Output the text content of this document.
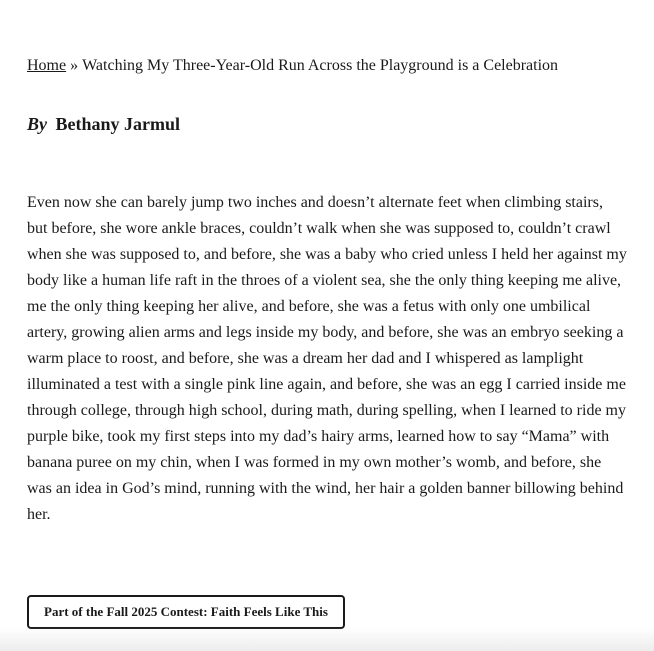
Home » Watching My Three-Year-Old Run Across the Playground is a Celebration
By Bethany Jarmul

Even now she can barely jump two inches and doesn’t alternate feet when climbing stairs, but before, she wore ankle braces, couldn’t walk when she was supposed to, couldn’t crawl when she was supposed to, and before, she was a baby who cried unless I held her against my body like a human life raft in the throes of a violent sea, she the only thing keeping me alive, me the only thing keeping her alive, and before, she was a fetus with only one umbilical artery, growing alien arms and legs inside my body, and before, she was an embryo seeking a warm place to roost, and before, she was a dream her dad and I whispered as lamplight illuminated a test with a single pink line again, and before, she was an egg I carried inside me through college, through high school, during math, during spelling, when I learned to ride my purple bike, took my first steps into my dad’s hairy arms, learned how to say “Mama” with banana puree on my chin, when I was formed in my own mother’s womb, and before, she was an idea in God’s mind, running with the wind, her hair a golden banner billowing behind her.

Part of the Fall 2025 Contest: Faith Feels Like This
